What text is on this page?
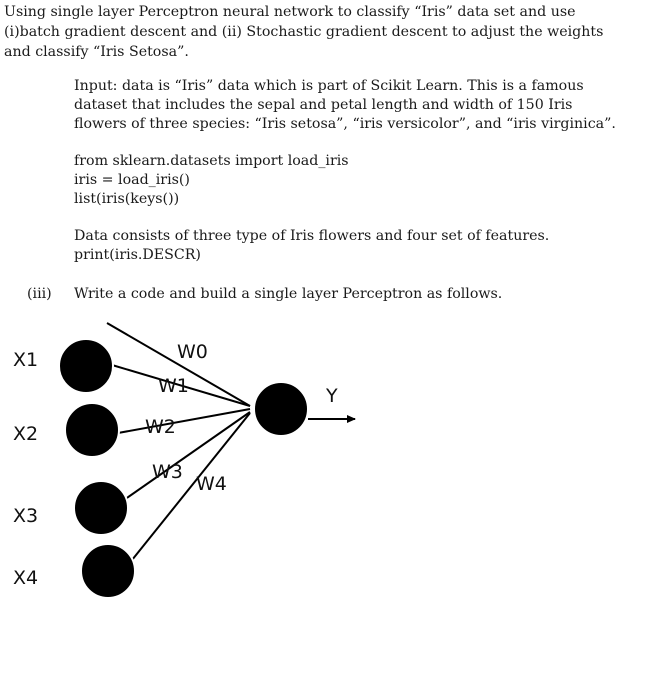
Using single layer Perceptron neural network to classify “Iris” data set and use

(i)batch gradient descent and (ii) Stochastic gradient descent to adjust the weights

and classify “Iris Setosa”.

Input: data is “Iris” data which is part of Scikit Learn. This is a famous

dataset that includes the sepal and petal length and width of 150 Iris

flowers of three species: “Iris setosa”, “iris versicolor”, and “iris virginica”.

from sklearn.datasets import load_iris

iris = load_iris()

list(iris(keys())

Data consists of three type of Iris flowers and four set of features.

print(iris.DESCR)

(iii) Write a code and build a single layer Perceptron as follows.
X1
X2
X3
X4
W0
W1
W2
W3
W4
Y
